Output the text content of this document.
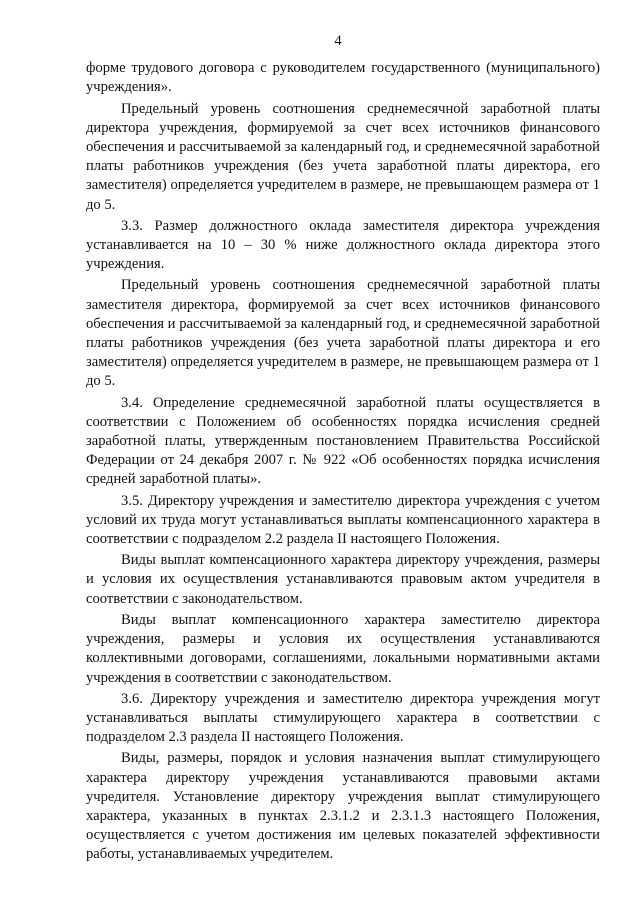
4

форме трудового договора с руководителем государственного (муниципального) учреждения».

Предельный уровень соотношения среднемесячной заработной платы директора учреждения, формируемой за счет всех источников финансового обеспечения и рассчитываемой за календарный год, и среднемесячной заработной платы работников учреждения (без учета заработной платы директора, его заместителя) определяется учредителем в размере, не превышающем размера от 1 до 5.

3.3. Размер должностного оклада заместителя директора учреждения устанавливается на 10 – 30 % ниже должностного оклада директора этого учреждения.

Предельный уровень соотношения среднемесячной заработной платы заместителя директора, формируемой за счет всех источников финансового обеспечения и рассчитываемой за календарный год, и среднемесячной заработной платы работников учреждения (без учета заработной платы директора и его заместителя) определяется учредителем в размере, не превышающем размера от 1 до 5.

3.4. Определение среднемесячной заработной платы осуществляется в соответствии с Положением об особенностях порядка исчисления средней заработной платы, утвержденным постановлением Правительства Российской Федерации от 24 декабря 2007 г. № 922 «Об особенностях порядка исчисления средней заработной платы».

3.5. Директору учреждения и заместителю директора учреждения с учетом условий их труда могут устанавливаться выплаты компенсационного характера в соответствии с подразделом 2.2 раздела II настоящего Положения.

Виды выплат компенсационного характера директору учреждения, размеры и условия их осуществления устанавливаются правовым актом учредителя в соответствии с законодательством.

Виды выплат компенсационного характера заместителю директора учреждения, размеры и условия их осуществления устанавливаются коллективными договорами, соглашениями, локальными нормативными актами учреждения в соответствии с законодательством.

3.6. Директору учреждения и заместителю директора учреждения могут устанавливаться выплаты стимулирующего характера в соответствии с подразделом 2.3 раздела II настоящего Положения.

Виды, размеры, порядок и условия назначения выплат стимулирующего характера директору учреждения устанавливаются правовыми актами учредителя. Установление директору учреждения выплат стимулирующего характера, указанных в пунктах 2.3.1.2 и 2.3.1.3 настоящего Положения, осуществляется с учетом достижения им целевых показателей эффективности работы, устанавливаемых учредителем.
